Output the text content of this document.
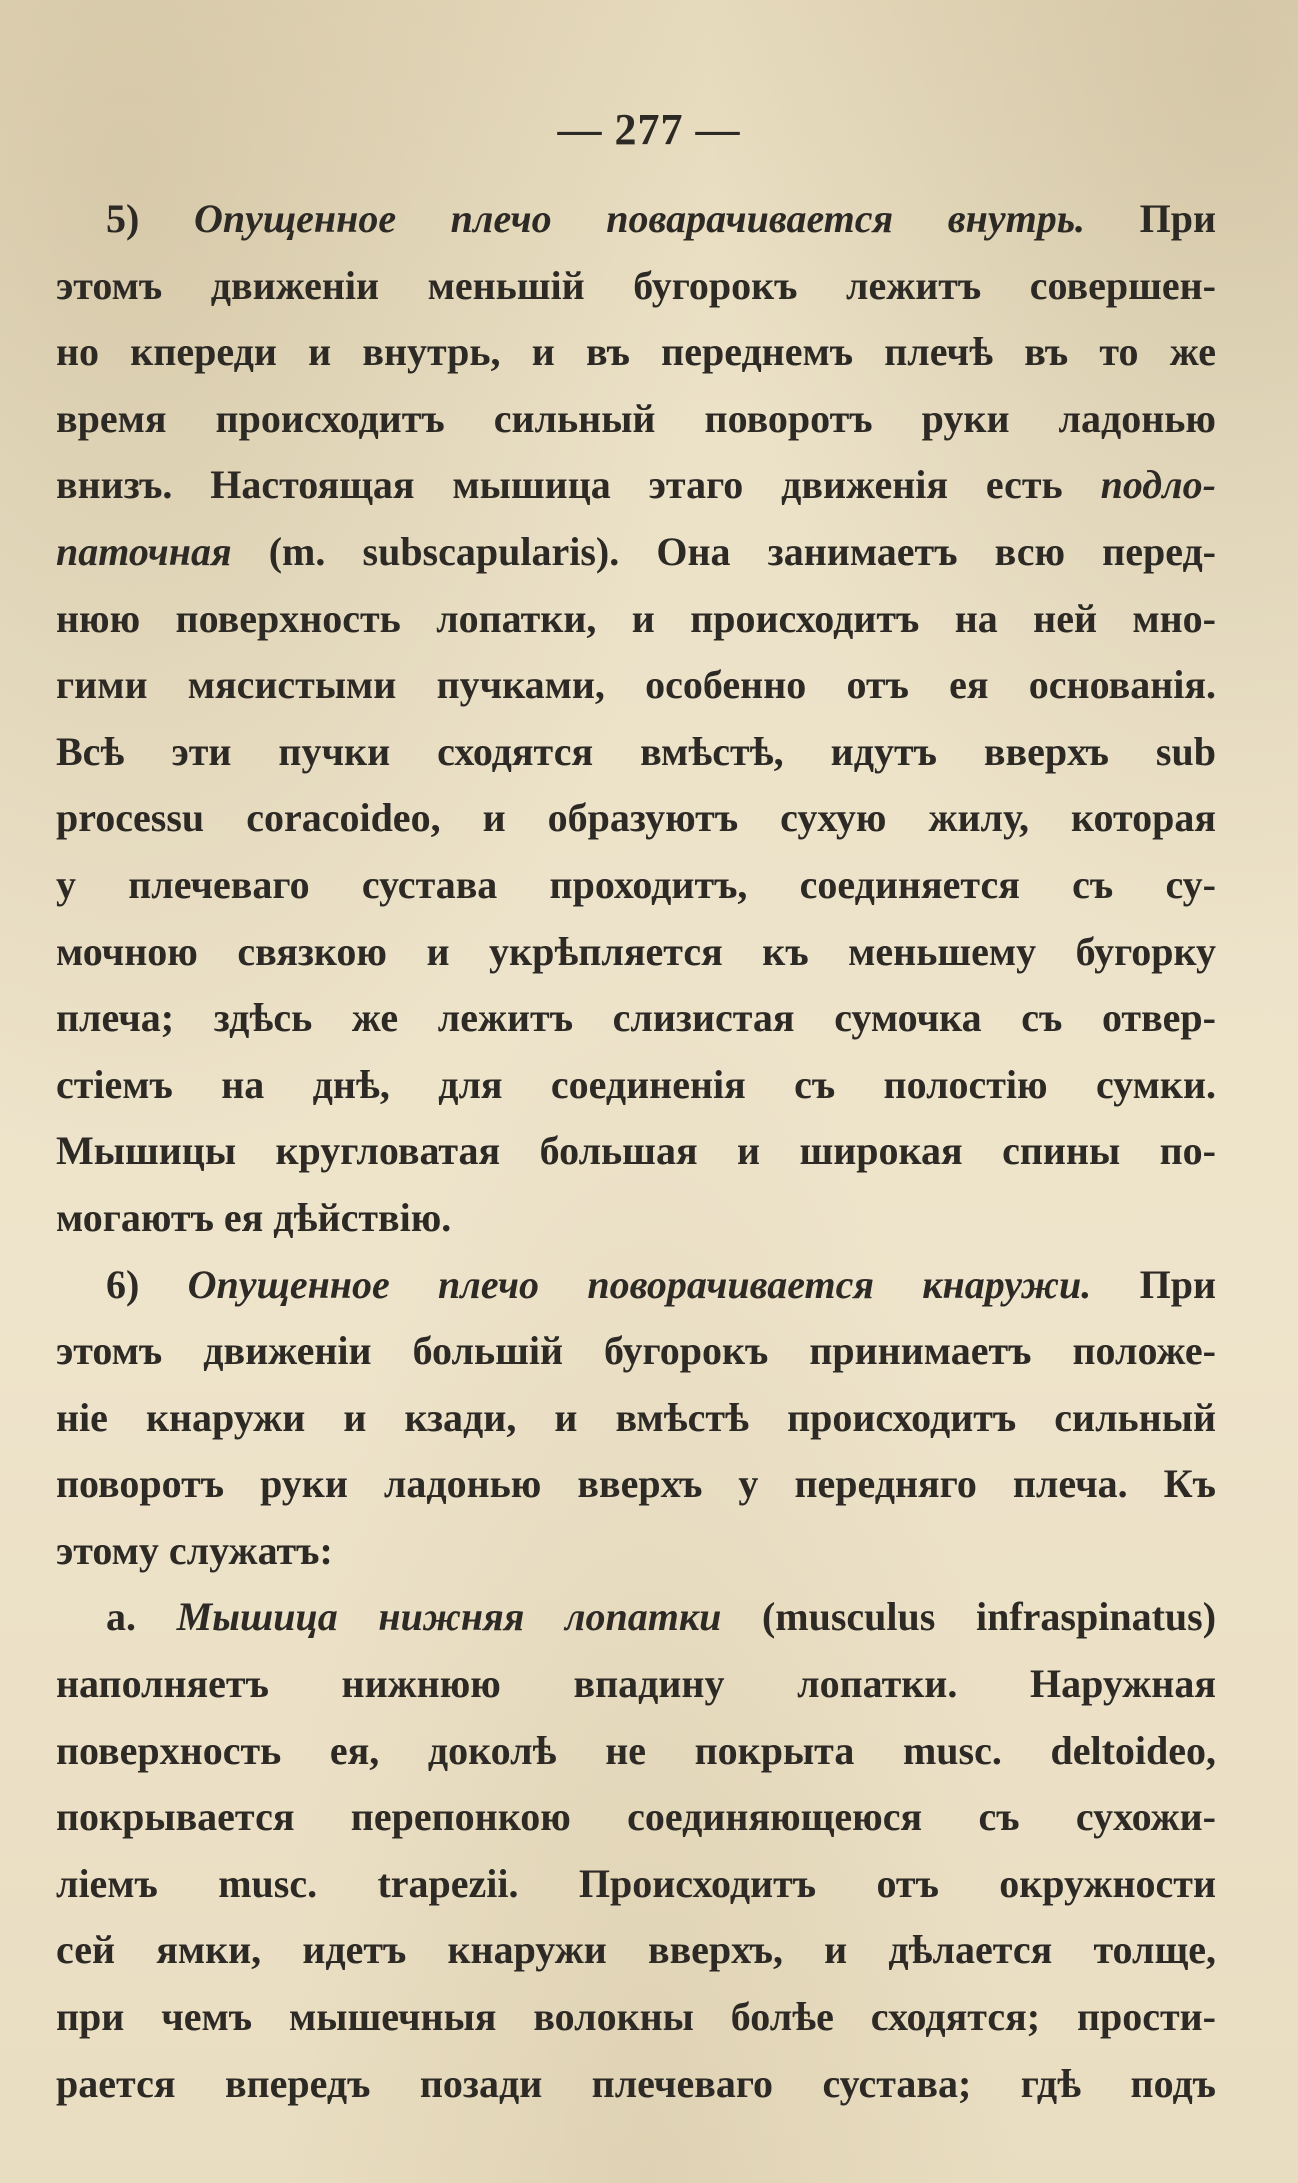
— 277 —
5) Опущенное плечо поварачивается внутрь. При
этомъ движенiи меньшій бугорокъ лежитъ совершен-
но кпереди и внутрь, и въ переднемъ плечѣ въ то же
время происходитъ сильный поворотъ руки ладонью
внизъ. Настоящая мышица этаго движенія есть подло-
паточная (m. subscapularis). Она занимаетъ всю перед-
нюю поверхность лопатки, и происходитъ на ней мно-
гими мясистыми пучками, особенно отъ ея основанія.
Всѣ эти пучки сходятся вмѣстѣ, идутъ вверхъ sub
processu coracoideo, и образуютъ сухую жилу, которая
у плечеваго сустава проходитъ, соединяется съ су-
мочною связкою и укрѣпляется къ меньшему бугорку
плеча; здѣсь же лежитъ слизистая сумочка съ отвер-
стіемъ на днѣ, для соединенія съ полостію сумки.
Мышицы кругловатая большая и широкая спины по-
могаютъ ея дѣйствію.
6) Опущенное плечо поворачивается кнаружи. При
этомъ движенiи большій бугорокъ принимаетъ положе-
ніе кнаружи и кзади, и вмѣстѣ происходитъ сильный
поворотъ руки ладонью вверхъ у передняго плеча. Къ
этому служатъ:
a. Мышица нижняя лопатки (musculus infraspinatus)
наполняетъ нижнюю впадину лопатки. Наружная
поверхность ея, доколѣ не покрыта musc. deltoideo,
покрывается перепонкою соединяющеюся съ сухожи-
ліемъ musc. trapezii. Происходитъ отъ окружности
сей ямки, идетъ кнаружи вверхъ, и дѣлается толще,
при чемъ мышечныя волокны болѣе сходятся; прости-
рается впередъ позади плечеваго сустава; гдѣ подъ
